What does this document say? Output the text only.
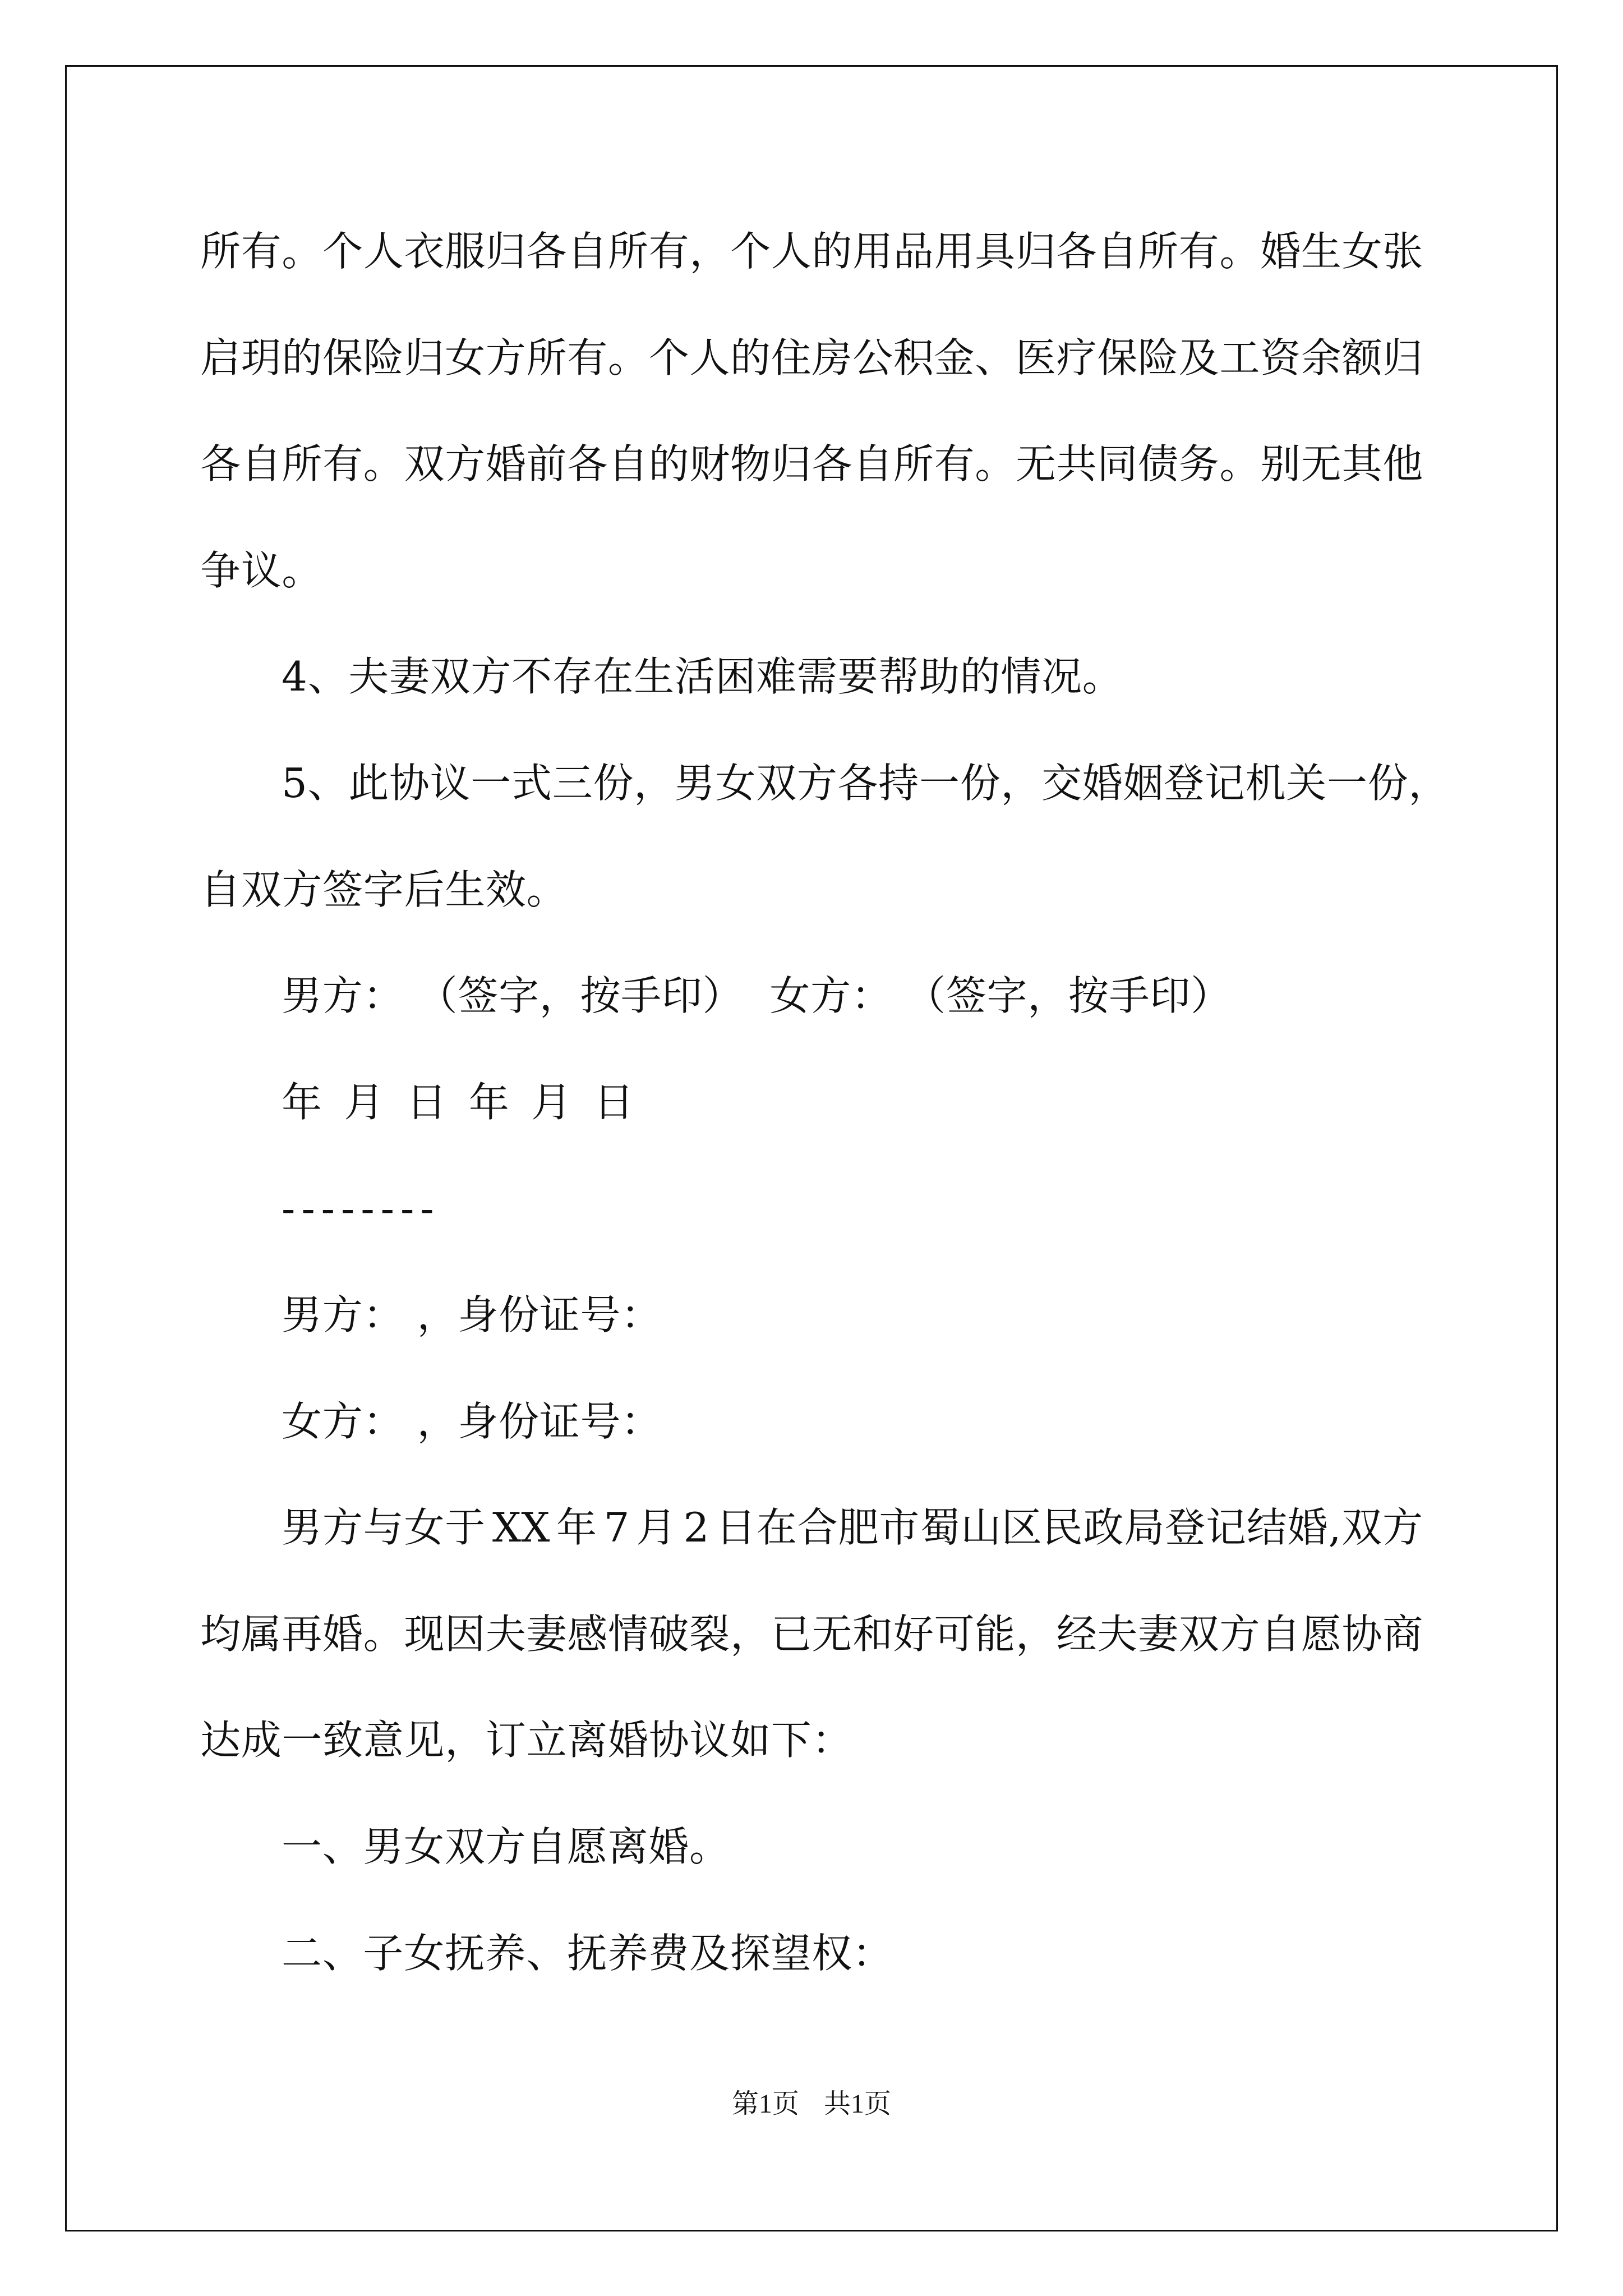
所有。个人衣服归各自所有，个人的用品用具归各自所有。婚生女张
启玥的保险归女方所有。个人的住房公积金、医疗保险及工资余额归
各自所有。双方婚前各自的财物归各自所有。无共同债务。别无其他
争议。
4、夫妻双方不存在生活困难需要帮助的情况。
5、此协议一式三份，男女双方各持一份，交婚姻登记机关一份，
自双方签字后生效。
男方： （签字，按手印）  女方： （签字，按手印）
年 月 日 年 月 日
--------
男方： ，身份证号：
女方： ，身份证号：
男方与女于 XX 年 7 月 2 日在合肥市蜀山区民政局登记结婚,双方
均属再婚。现因夫妻感情破裂，已无和好可能，经夫妻双方自愿协商
达成一致意见，订立离婚协议如下：
一、男女双方自愿离婚。
二、子女抚养、抚养费及探望权：
第1页  共1页
